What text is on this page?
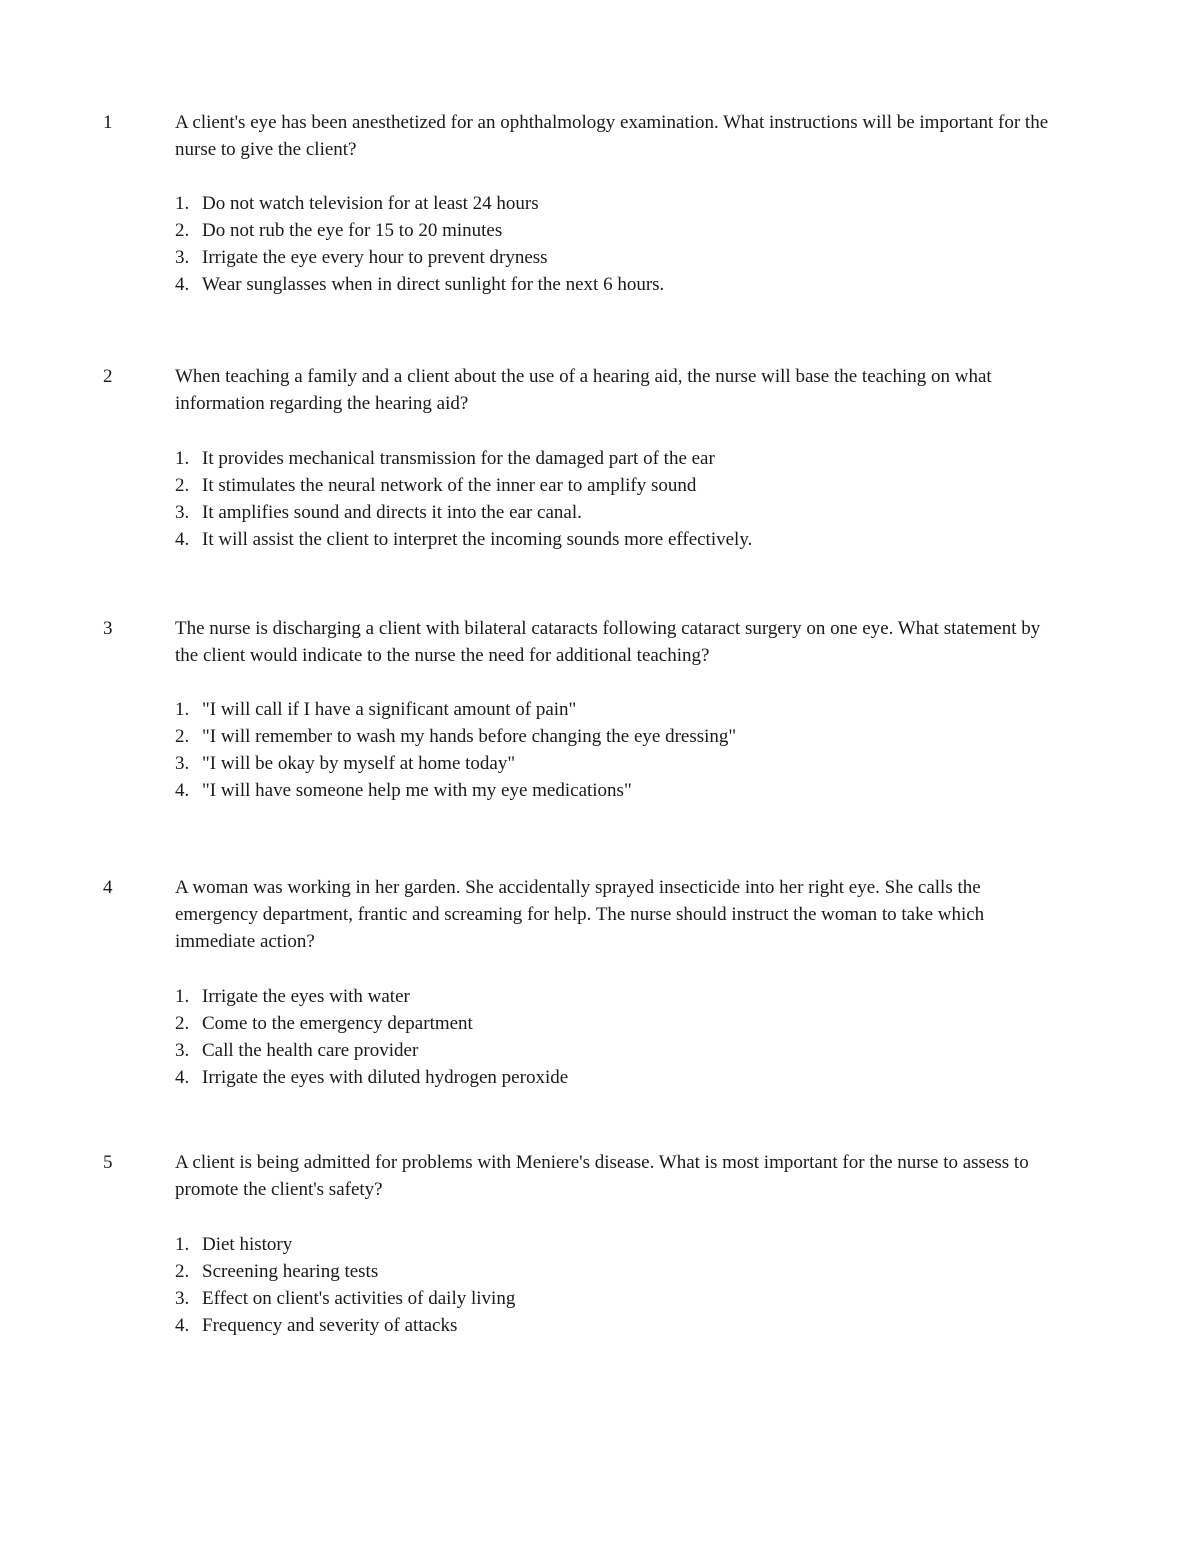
1	A client's eye has been anesthetized for an ophthalmology examination. What instructions will be important for the nurse to give the client?

1. Do not watch television for at least 24 hours
2. Do not rub the eye for 15 to 20 minutes
3. Irrigate the eye every hour to prevent dryness
4. Wear sunglasses when in direct sunlight for the next 6 hours.
2	When teaching a family and a client about the use of a hearing aid, the nurse will base the teaching on what information regarding the hearing aid?

1. It provides mechanical transmission for the damaged part of the ear
2. It stimulates the neural network of the inner ear to amplify sound
3. It amplifies sound and directs it into the ear canal.
4. It will assist the client to interpret the incoming sounds more effectively.
3	The nurse is discharging a client with bilateral cataracts following cataract surgery on one eye. What statement by the client would indicate to the nurse the need for additional teaching?

1. "I will call if I have a significant amount of pain"
2. "I will remember to wash my hands before changing the eye dressing"
3. "I will be okay by myself at home today"
4. "I will have someone help me with my eye medications"
4	A woman was working in her garden. She accidentally sprayed insecticide into her right eye. She calls the emergency department, frantic and screaming for help. The nurse should instruct the woman to take which immediate action?

1. Irrigate the eyes with water
2. Come to the emergency department
3. Call the health care provider
4. Irrigate the eyes with diluted hydrogen peroxide
5	A client is being admitted for problems with Meniere's disease. What is most important for the nurse to assess to promote the client's safety?

1. Diet history
2. Screening hearing tests
3. Effect on client's activities of daily living
4. Frequency and severity of attacks
